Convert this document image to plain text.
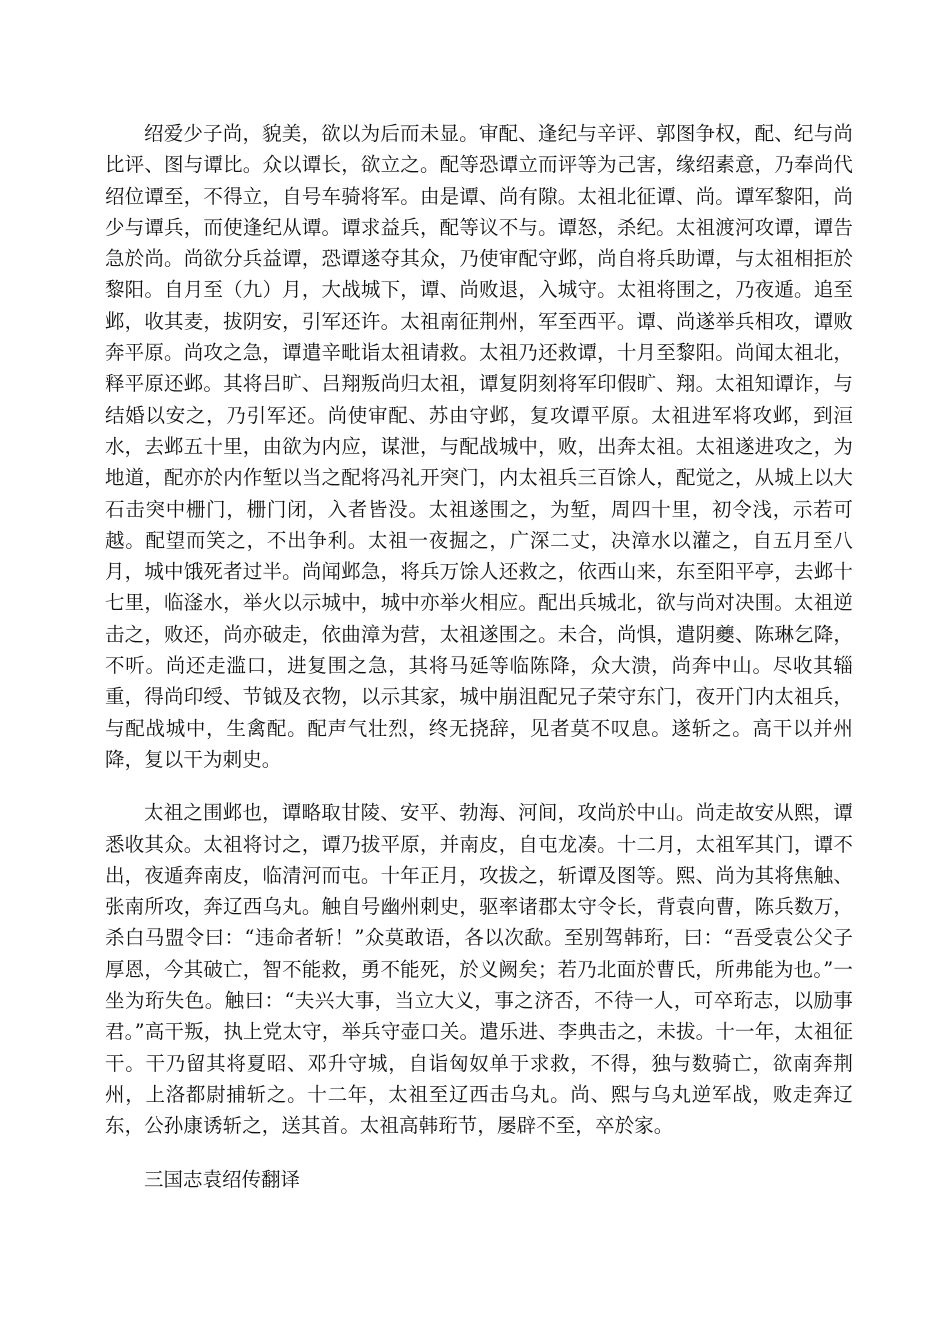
绍爱少子尚，貌美，欲以为后而未显。审配、逢纪与辛评、郭图争权，配、纪与尚比评、图与谭比。众以谭长，欲立之。配等恐谭立而评等为己害，缘绍素意，乃奉尚代绍位谭至，不得立，自号车骑将军。由是谭、尚有隙。太祖北征谭、尚。谭军黎阳，尚少与谭兵，而使逢纪从谭。谭求益兵，配等议不与。谭怒，杀纪。太祖渡河攻谭，谭告急於尚。尚欲分兵益谭，恐谭遂夺其众，乃使审配守邺，尚自将兵助谭，与太祖相拒於黎阳。自月至（九）月，大战城下，谭、尚败退，入城守。太祖将围之，乃夜遁。追至邺，收其麦，拔阴安，引军还许。太祖南征荆州，军至西平。谭、尚遂举兵相攻，谭败奔平原。尚攻之急，谭遣辛毗诣太祖请救。太祖乃还救谭，十月至黎阳。尚闻太祖北，释平原还邺。其将吕旷、吕翔叛尚归太祖，谭复阴刻将军印假旷、翔。太祖知谭诈，与结婚以安之，乃引军还。尚使审配、苏由守邺，复攻谭平原。太祖进军将攻邺，到洹水，去邺五十里，由欲为内应，谋泄，与配战城中，败，出奔太祖。太祖遂进攻之，为地道，配亦於内作堑以当之配将冯礼开突门，内太祖兵三百馀人，配觉之，从城上以大石击突中栅门，栅门闭，入者皆没。太祖遂围之，为堑，周四十里，初令浅，示若可越。配望而笑之，不出争利。太祖一夜掘之，广深二丈，决漳水以灌之，自五月至八月，城中饿死者过半。尚闻邺急，将兵万馀人还救之，依西山来，东至阳平亭，去邺十七里，临滏水，举火以示城中，城中亦举火相应。配出兵城北，欲与尚对决围。太祖逆击之，败还，尚亦破走，依曲漳为营，太祖遂围之。未合，尚惧，遣阴夔、陈琳乞降，不听。尚还走滥口，进复围之急，其将马延等临陈降，众大溃，尚奔中山。尽收其辎重，得尚印绶、节钺及衣物，以示其家，城中崩沮配兄子荣守东门，夜开门内太祖兵，与配战城中，生禽配。配声气壮烈，终无挠辞，见者莫不叹息。遂斩之。高干以并州降，复以干为刺史。

太祖之围邺也，谭略取甘陵、安平、勃海、河间，攻尚於中山。尚走故安从熙，谭悉收其众。太祖将讨之，谭乃拔平原，并南皮，自屯龙凑。十二月，太祖军其门，谭不出，夜遁奔南皮，临清河而屯。十年正月，攻拔之，斩谭及图等。熙、尚为其将焦触、张南所攻，奔辽西乌丸。触自号幽州刺史，驱率诸郡太守令长，背袁向曹，陈兵数万，杀白马盟令曰：“违命者斩！”众莫敢语，各以次歃。至别驾韩珩，曰：“吾受袁公父子厚恩，今其破亡，智不能救，勇不能死，於义阙矣；若乃北面於曹氏，所弗能为也。”一坐为珩失色。触曰：“夫兴大事，当立大义，事之济否，不待一人，可卒珩志，以励事君。”高干叛，执上党太守，举兵守壶口关。遣乐进、李典击之，未拔。十一年，太祖征干。干乃留其将夏昭、邓升守城，自诣匈奴单于求救，不得，独与数骑亡，欲南奔荆州，上洛都尉捕斩之。十二年，太祖至辽西击乌丸。尚、熙与乌丸逆军战，败走奔辽东，公孙康诱斩之，送其首。太祖高韩珩节，屡辟不至，卒於家。

三国志袁绍传翻译
